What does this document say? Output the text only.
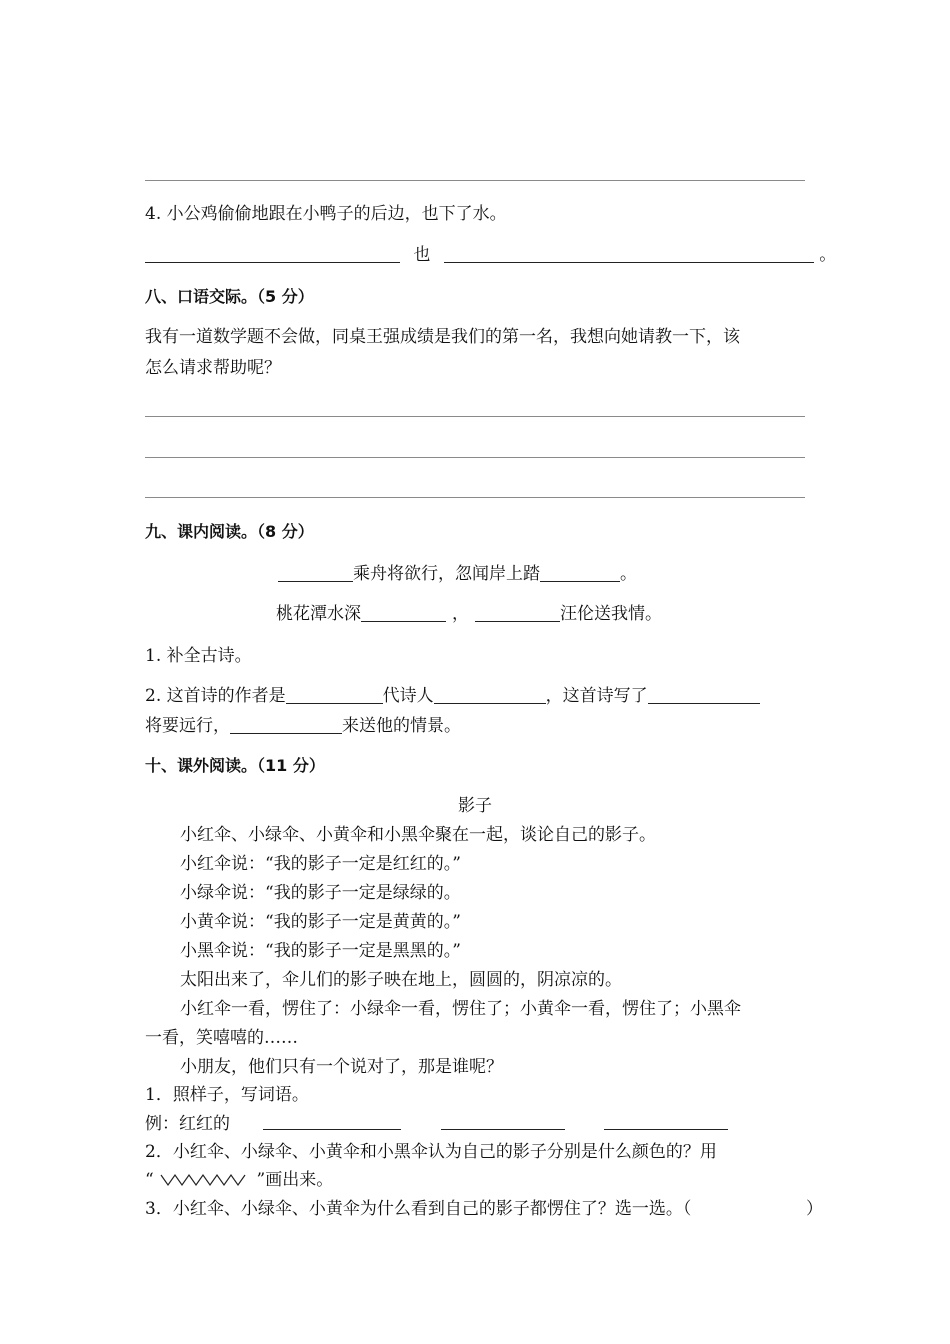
4. 小公鸡偷偷地跟在小鸭子的后边，也下了水。
也	。
八、口语交际。（5 分）
我有一道数学题不会做，同桌王强成绩是我们的第一名，我想向她请教一下，该
怎么请求帮助呢？
九、课内阅读。（8 分）
乘舟将欲行，忽闻岸上踏	。
桃花潭水深	，	汪伦送我情。
1. 补全古诗。
2. 这首诗的作者是	代诗人	，这首诗写了
将要远行，	来送他的情景。
十、课外阅读。（11 分）
影子
小红伞、小绿伞、小黄伞和小黑伞聚在一起，谈论自己的影子。
小红伞说：“我的影子一定是红红的。”
小绿伞说：“我的影子一定是绿绿的。
小黄伞说：“我的影子一定是黄黄的。”
小黑伞说：“我的影子一定是黑黑的。”
太阳出来了，伞儿们的影子映在地上，圆圆的，阴凉凉的。
小红伞一看，愣住了：小绿伞一看，愣住了；小黄伞一看，愣住了；小黑伞
一看，笑嘻嘻的……
小朋友，他们只有一个说对了，那是谁呢？
1．照样子，写词语。
例：红红的
2．小红伞、小绿伞、小黄伞和小黑伞认为自己的影子分别是什么颜色的？用
“	”画出来。
3．小红伞、小绿伞、小黄伞为什么看到自己的影子都愣住了？选一选。（	）
